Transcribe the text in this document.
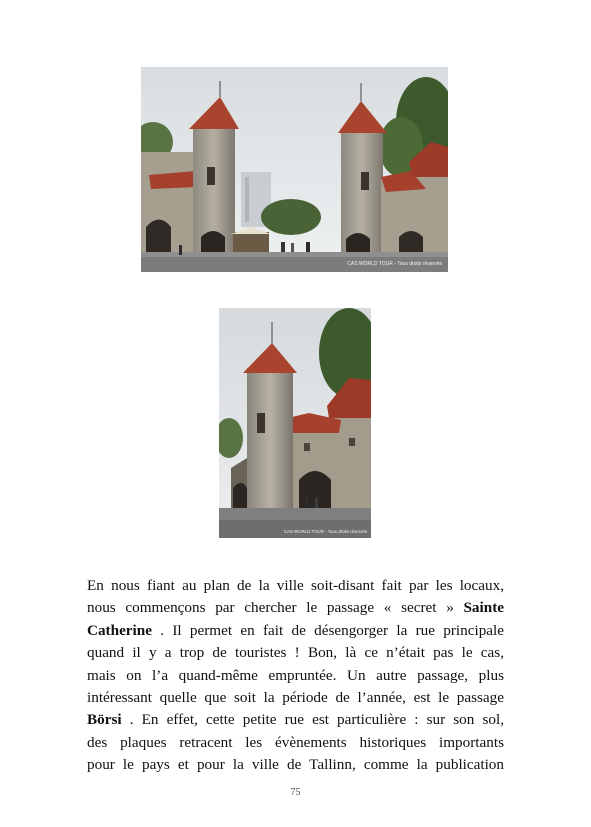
CAS WORLD TOUR - Tous droits réservés
CAS WORLD TOUR - Tous droits réservés
En nous fiant au plan de la ville soit-disant fait par les locaux,
nous commençons par chercher le passage « secret » Sainte
Catherine . Il permet en fait de désengorger la rue principale
quand il y a trop de touristes ! Bon, là ce n’était pas le cas,
mais on l’a quand-même empruntée. Un autre passage, plus
intéressant quelle que soit la période de l’année, est le passage
Börsi . En effet, cette petite rue est particulière : sur son sol,
des plaques retracent les évènements historiques importants
pour le pays et pour la ville de Tallinn, comme la publication
75
